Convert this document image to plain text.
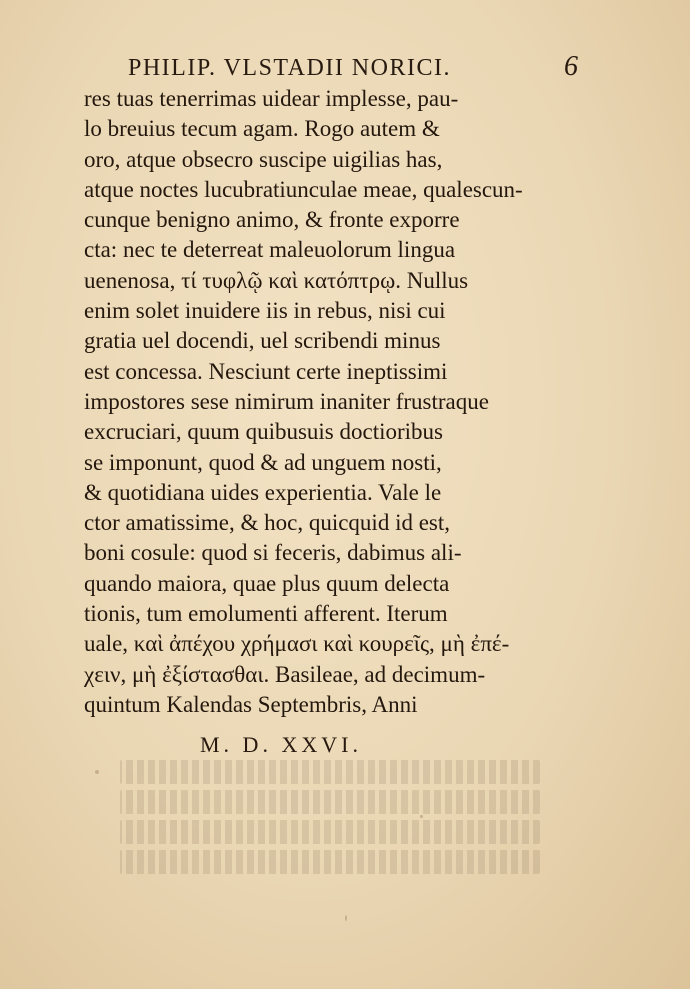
PHILIP. VLSTADII NORICI.	6
res tuas tenerrimas uidear implesse, pau-
lo breuius tecum agam. Rogo autem &
oro, atque obsecro suscipe uigilias has,
atque noctes lucubratiunculae meae, qualescun-
cunque benigno animo, & fronte exporre
cta: nec te deterreat maleuolorum lingua
uenenosa, τί τυφλῷ καὶ κατόπτρῳ. Nullus
enim solet inuidere iis in rebus, nisi cui
gratia uel docendi, uel scribendi minus
est concessa. Nesciunt certe ineptissimi
impostores sese nimirum inaniter frustraque
excruciari, quum quibusuis doctioribus
se imponunt, quod & ad unguem nosti,
& quotidiana uides experientia. Vale le
ctor amatissime, & hoc, quicquid id est,
boni cosule: quod si feceris, dabimus ali-
quando maiora, quae plus quum delecta
tionis, tum emolumenti afferent. Iterum
uale, καὶ ἀπέχου χρήμασι καὶ κουρεῖς, μὴ ἐπέ-
χειν, μὴ ἐξίστασθαι. Basileae, ad decimum-
quintum Kalendas Septembris, Anni
M. D. XXVI.
